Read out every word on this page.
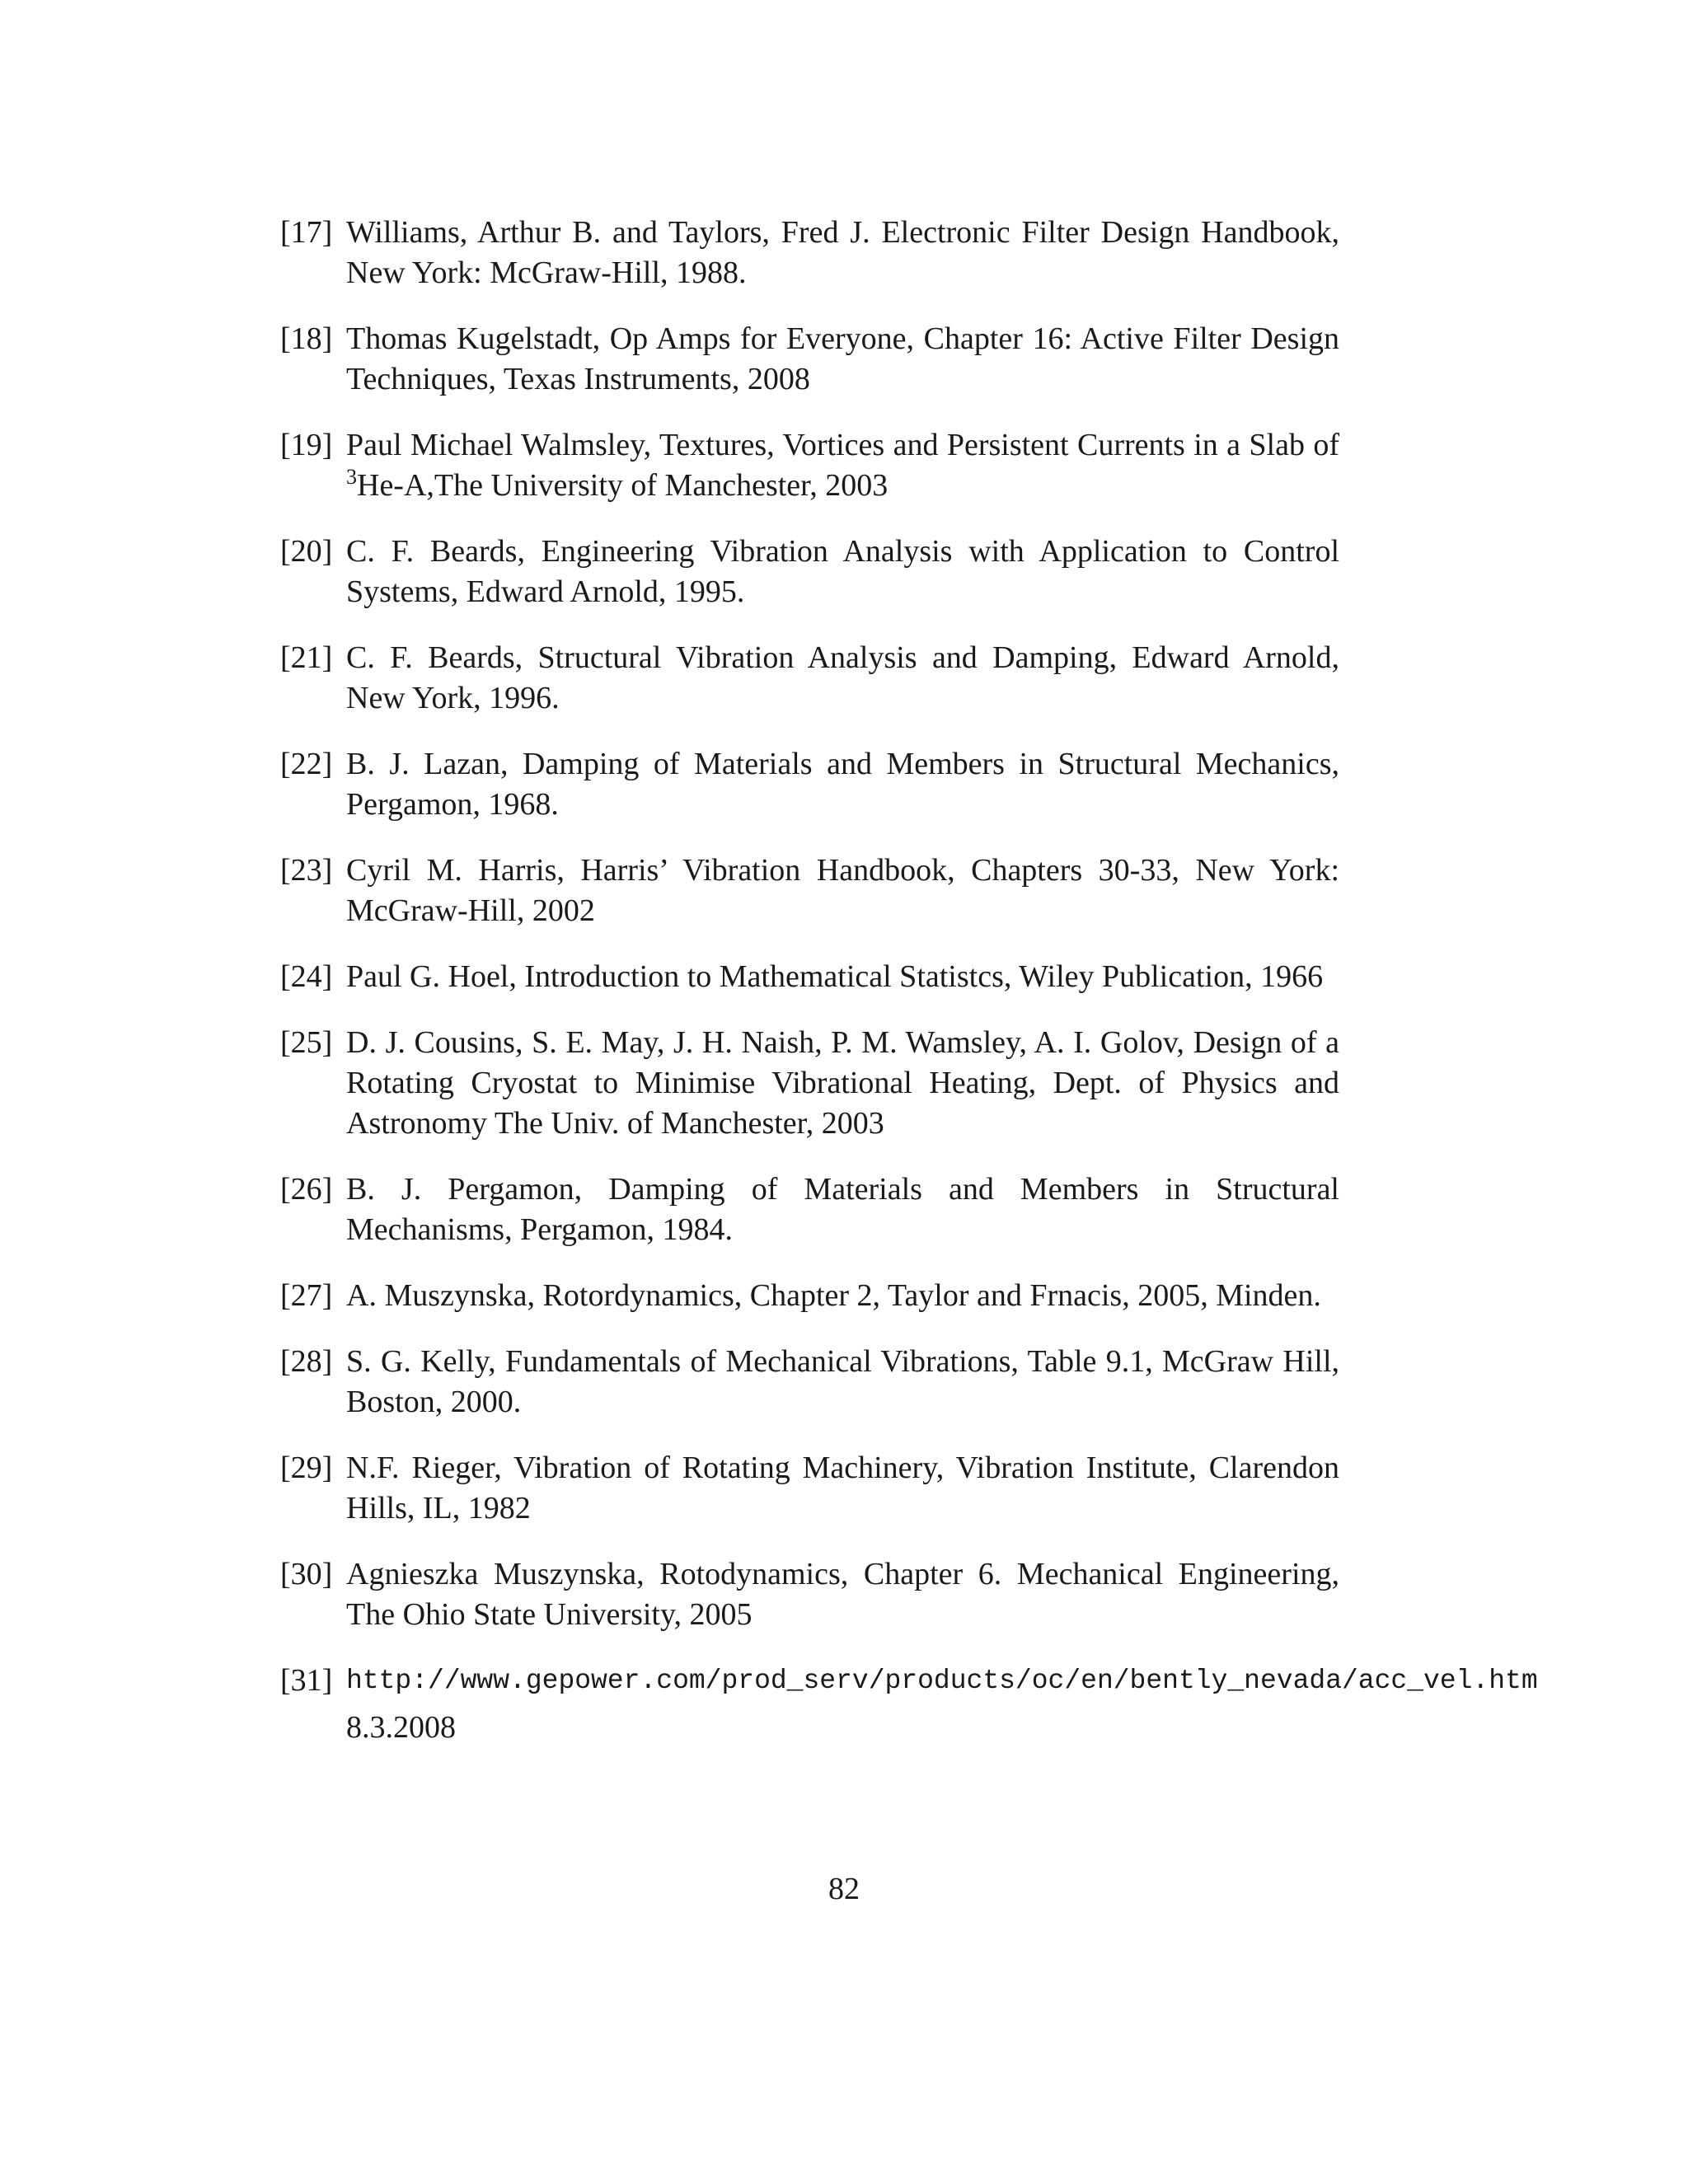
[17] Williams, Arthur B. and Taylors, Fred J. Electronic Filter Design Handbook, New York: McGraw-Hill, 1988.
[18] Thomas Kugelstadt, Op Amps for Everyone, Chapter 16: Active Filter Design Techniques, Texas Instruments, 2008
[19] Paul Michael Walmsley, Textures, Vortices and Persistent Currents in a Slab of $^3$He-A,The University of Manchester, 2003
[20] C. F. Beards, Engineering Vibration Analysis with Application to Control Systems, Edward Arnold, 1995.
[21] C. F. Beards, Structural Vibration Analysis and Damping, Edward Arnold, New York, 1996.
[22] B. J. Lazan, Damping of Materials and Members in Structural Mechanics, Pergamon, 1968.
[23] Cyril M. Harris, Harris’ Vibration Handbook, Chapters 30-33, New York: McGraw-Hill, 2002
[24] Paul G. Hoel, Introduction to Mathematical Statistcs, Wiley Publication, 1966
[25] D. J. Cousins, S. E. May, J. H. Naish, P. M. Wamsley, A. I. Golov, Design of a Rotating Cryostat to Minimise Vibrational Heating, Dept. of Physics and Astronomy The Univ. of Manchester, 2003
[26] B. J. Pergamon, Damping of Materials and Members in Structural Mechanisms, Pergamon, 1984.
[27] A. Muszynska, Rotordynamics, Chapter 2, Taylor and Frnacis, 2005, Minden.
[28] S. G. Kelly, Fundamentals of Mechanical Vibrations, Table 9.1, McGraw Hill, Boston, 2000.
[29] N.F. Rieger, Vibration of Rotating Machinery, Vibration Institute, Clarendon Hills, IL, 1982
[30] Agnieszka Muszynska, Rotodynamics, Chapter 6. Mechanical Engineering, The Ohio State University, 2005
[31] http://www.gepower.com/prod_serv/products/oc/en/bently_nevada/acc_vel.htm
8.3.2008
82
